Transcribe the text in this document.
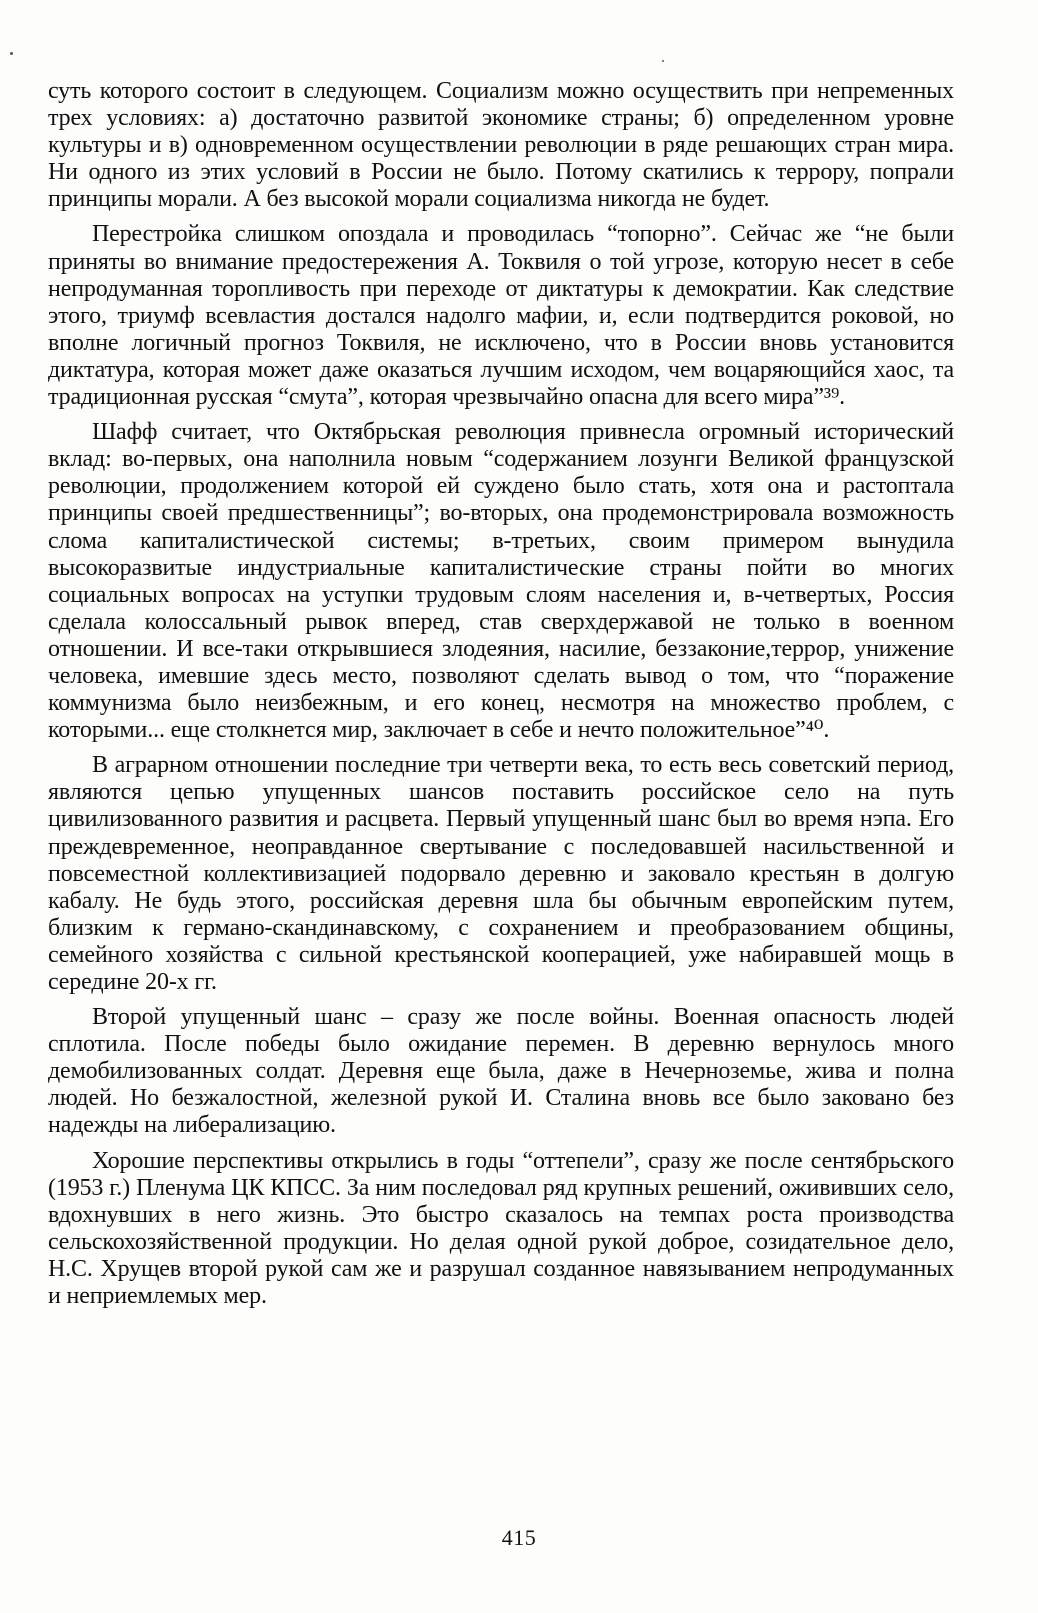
суть которого состоит в следующем. Социализм можно осуществить при непременных трех условиях: а) достаточно развитой экономике страны; б) определенном уровне культуры и в) одновременном осуществлении революции в ряде решающих стран мира. Ни одного из этих условий в России не было. Потому скатились к террору, попрали принципы морали. А без высокой морали социализма никогда не будет.

Перестройка слишком опоздала и проводилась “топорно”. Сейчас же “не были приняты во внимание предостережения А. Токвиля о той угрозе, которую несет в себе непродуманная торопливость при переходе от диктатуры к демократии. Как следствие этого, триумф всевластия достался надолго мафии, и, если подтвердится роковой, но вполне логичный прогноз Токвиля, не исключено, что в России вновь установится диктатура, которая может даже оказаться лучшим исходом, чем воцаряющийся хаос, та традиционная русская “смута”, которая чрезвычайно опасна для всего мира”³⁹.

Шафф считает, что Октябрьская революция привнесла огромный исторический вклад: во-первых, она наполнила новым “содержанием лозунги Великой французской революции, продолжением которой ей суждено было стать, хотя она и растоптала принципы своей предшественницы”; во-вторых, она продемонстрировала возможность слома капиталистической системы; в-третьих, своим примером вынудила высокоразвитые индустриальные капиталистические страны пойти во многих социальных вопросах на уступки трудовым слоям населения и, в-четвертых, Россия сделала колоссальный рывок вперед, став сверхдержавой не только в военном отношении. И все-таки открывшиеся злодеяния, насилие, беззаконие,террор, унижение человека, имевшие здесь место, позволяют сделать вывод о том, что “поражение коммунизма было неизбежным, и его конец, несмотря на множество проблем, с которыми... еще столкнется мир, заключает в себе и нечто положительное”⁴⁰.

В аграрном отношении последние три четверти века, то есть весь советский период, являются цепью упущенных шансов поставить российское село на путь цивилизованного развития и расцвета. Первый упущенный шанс был во время нэпа. Его преждевременное, неоправданное свертывание с последовавшей насильственной и повсеместной коллективизацией подорвало деревню и заковало крестьян в долгую кабалу. Не будь этого, российская деревня шла бы обычным европейским путем, близким к германо-скандинавскому, с сохранением и преобразованием общины, семейного хозяйства с сильной крестьянской кооперацией, уже набиравшей мощь в середине 20-х гг.

Второй упущенный шанс – сразу же после войны. Военная опасность людей сплотила. После победы было ожидание перемен. В деревню вернулось много демобилизованных солдат. Деревня еще была, даже в Нечерноземье, жива и полна людей. Но безжалостной, железной рукой И. Сталина вновь все было заковано без надежды на либерализацию.

Хорошие перспективы открылись в годы “оттепели”, сразу же после сентябрьского (1953 г.) Пленума ЦК КПСС. За ним последовал ряд крупных решений, ожививших село, вдохнувших в него жизнь. Это быстро сказалось на темпах роста производства сельскохозяйственной продукции. Но делая одной рукой доброе, созидательное дело, Н.С. Хрущев второй рукой сам же и разрушал созданное навязыванием непродуманных и неприемлемых мер.

415
